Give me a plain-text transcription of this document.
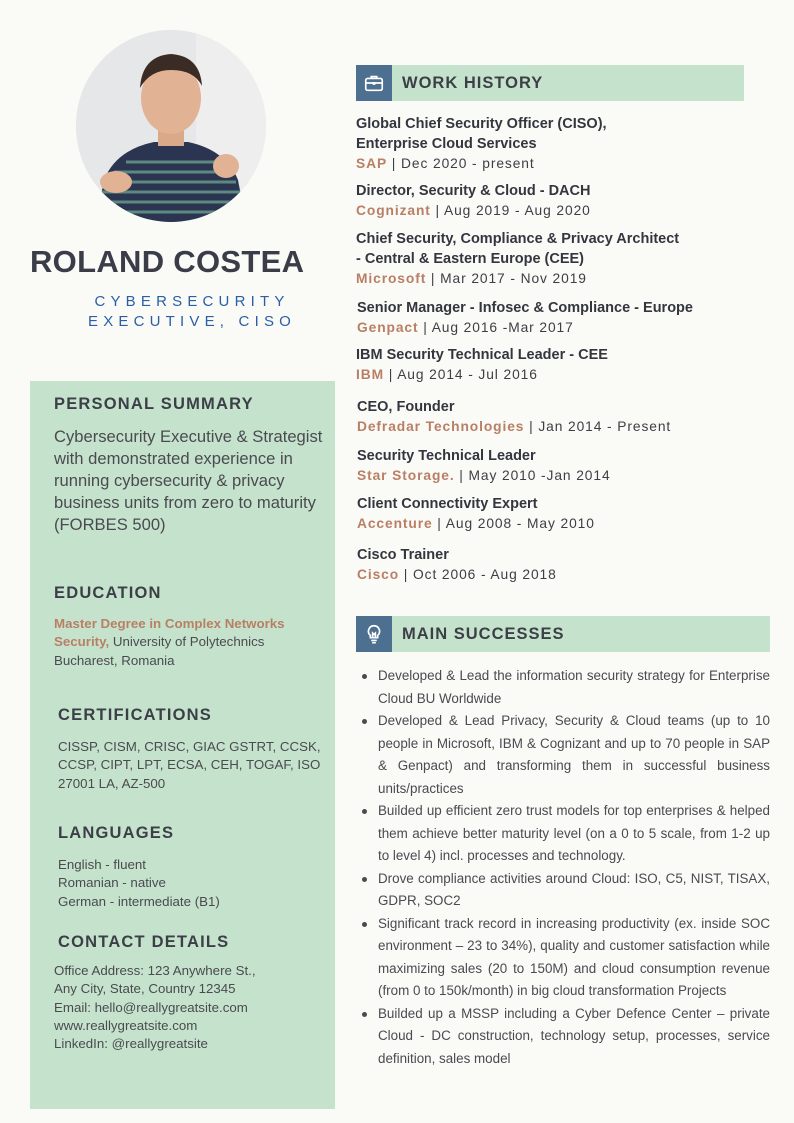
ROLAND COSTEA
CYBERSECURITY EXECUTIVE, CISO
PERSONAL SUMMARY
Cybersecurity Executive & Strategist with demonstrated experience in running cybersecurity & privacy business units from zero to maturity (FORBES 500)
EDUCATION
Master Degree in Complex Networks Security, University of Polytechnics Bucharest, Romania
CERTIFICATIONS
CISSP, CISM, CRISC, GIAC GSTRT, CCSK, CCSP, CIPT, LPT, ECSA, CEH, TOGAF, ISO 27001 LA, AZ-500
LANGUAGES
English - fluent
Romanian - native
German - intermediate (B1)
CONTACT DETAILS
Office Address: 123 Anywhere St.,
Any City, State, Country 12345
Email: hello@reallygreatsite.com
www.reallygreatsite.com
LinkedIn: @reallygreatsite
WORK HISTORY
Global Chief Security Officer (CISO), Enterprise Cloud Services
SAP | Dec 2020 - present
Director, Security & Cloud - DACH
Cognizant | Aug 2019 - Aug 2020
Chief Security, Compliance & Privacy Architect - Central & Eastern Europe (CEE)
Microsoft | Mar 2017 - Nov 2019
Senior Manager - Infosec & Compliance - Europe
Genpact | Aug 2016 -Mar 2017
IBM Security Technical Leader - CEE
IBM | Aug 2014 - Jul 2016
CEO, Founder
Defradar Technologies | Jan 2014 - Present
Security Technical Leader
Star Storage. | May 2010 -Jan 2014
Client Connectivity Expert
Accenture | Aug 2008 - May 2010
Cisco Trainer
Cisco | Oct 2006 - Aug 2018
MAIN SUCCESSES
Developed & Lead the information security strategy for Enterprise Cloud BU Worldwide
Developed & Lead Privacy, Security & Cloud teams (up to 10 people in Microsoft, IBM & Cognizant and up to 70 people in SAP & Genpact) and transforming them in successful business units/practices
Builded up efficient zero trust models for top enterprises & helped them achieve better maturity level (on a 0 to 5 scale, from 1-2 up to level 4) incl. processes and technology.
Drove compliance activities around Cloud: ISO, C5, NIST, TISAX, GDPR, SOC2
Significant track record in increasing productivity (ex. inside SOC environment – 23 to 34%), quality and customer satisfaction while maximizing sales (20 to 150M) and cloud consumption revenue (from 0 to 150k/month) in big cloud transformation Projects
Builded up a MSSP including a Cyber Defence Center – private Cloud - DC construction, technology setup, processes, service definition, sales model
